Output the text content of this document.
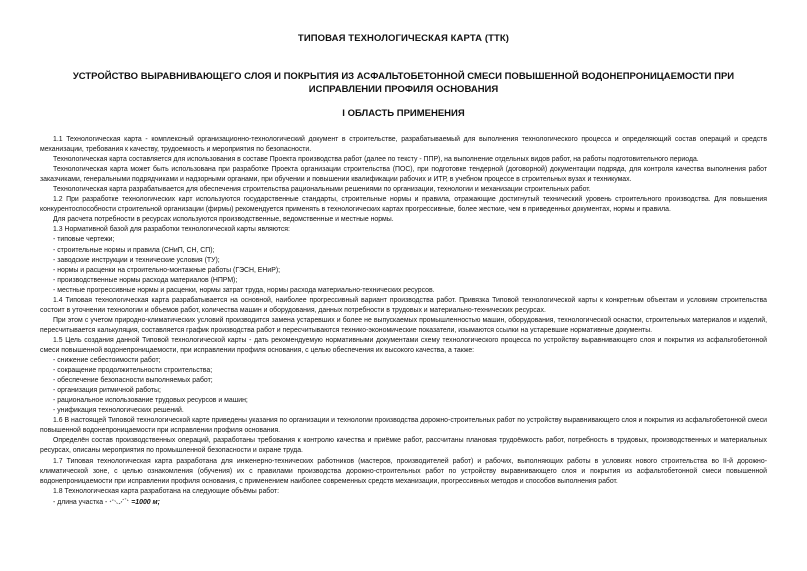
ТИПОВАЯ ТЕХНОЛОГИЧЕСКАЯ КАРТА (ТТК)
УСТРОЙСТВО ВЫРАВНИВАЮЩЕГО СЛОЯ И ПОКРЫТИЯ ИЗ АСФАЛЬТОБЕТОННОЙ СМЕСИ ПОВЫШЕННОЙ ВОДОНЕПРОНИЦАЕМОСТИ ПРИ ИСПРАВЛЕНИИ ПРОФИЛЯ ОСНОВАНИЯ
I ОБЛАСТЬ ПРИМЕНЕНИЯ

1.1 Технологическая карта - комплексный организационно-технологический документ в строительстве, разрабатываемый для выполнения технологического процесса и определяющий состав операций и средств механизации, требования к качеству, трудоемкость и мероприятия по безопасности.

Технологическая карта составляется для использования в составе Проекта производства работ (далее по тексту - ППР), на выполнение отдельных видов работ, на работы подготовительного периода.

Технологическая карта может быть использована при разработке Проекта организации строительства (ПОС), при подготовке тендерной (договорной) документации подряда, для контроля качества выполнения работ заказчиками, генеральными подрядчиками и надзорными органами, при обучении и повышении квалификации рабочих и ИТР, в учебном процессе в строительных вузах и техникумах.

Технологическая карта разрабатывается для обеспечения строительства рациональными решениями по организации, технологии и механизации строительных работ.

1.2 При разработке технологических карт используются государственные стандарты, строительные нормы и правила, отражающие достигнутый технический уровень строительного производства. Для повышения конкурентоспособности строительной организации (фирмы) рекомендуется применять в технологических картах прогрессивные, более жесткие, чем в приведенных документах, нормы и правила.

Для расчета потребности в ресурсах используются производственные, ведомственные и местные нормы.

1.3 Нормативной базой для разработки технологической карты являются:

- типовые чертежи;

- строительные нормы и правила (СНиП, СН, СП);

- заводские инструкции и технические условия (ТУ);

- нормы и расценки на строительно-монтажные работы (ГЭСН, ЕНиР);

- производственные нормы расхода материалов (НПРМ);

- местные прогрессивные нормы и расценки, нормы затрат труда, нормы расхода материально-технических ресурсов.

1.4 Типовая технологическая карта разрабатывается на основной, наиболее прогрессивный вариант производства работ. Привязка Типовой технологической карты к конкретным объектам и условиям строительства состоит в уточнении технологии и объемов работ, количества машин и оборудования, данных потребности в трудовых и материально-технических ресурсах.

При этом с учетом природно-климатических условий производится замена устаревших и более не выпускаемых промышленностью машин, оборудования, технологической оснастки, строительных материалов и изделий, пересчитывается калькуляция, составляется график производства работ и пересчитываются технико-экономические показатели, изымаются ссылки на устаревшие нормативные документы.

1.5 Цель создания данной Типовой технологической карты - дать рекомендуемую нормативными документами схему технологического процесса по устройству выравнивающего слоя и покрытия из асфальтобетонной смеси повышенной водонепроницаемости, при исправлении профиля основания, с целью обеспечения их высокого качества, а также:

- снижение себестоимости работ;

- сокращение продолжительности строительства;

- обеспечение безопасности выполняемых работ;

- организация ритмичной работы;

- рациональное использование трудовых ресурсов и машин;

- унификация технологических решений.

1.6 В настоящей Типовой технологической карте приведены указания по организации и технологии производства дорожно-строительных работ по устройству выравнивающего слоя и покрытия из асфальтобетонной смеси повышенной водонепроницаемости при исправлении профиля основания.

Определён состав производственных операций, разработаны требования к контролю качества и приёмке работ, рассчитаны плановая трудоёмкость работ, потребность в трудовых, производственных и материальных ресурсах, описаны мероприятия по промышленной безопасности и охране труда.

1.7 Типовая технологическая карта разработана для инженерно-технических работников (мастеров, производителей работ) и рабочих, выполняющих работы в условиях нового строительства во II-й дорожно-климатической зоне, с целью ознакомления (обучения) их с правилами производства дорожно-строительных работ по устройству выравнивающего слоя и покрытия из асфальтобетонной смеси повышенной водонепроницаемости при исправлении профиля основания, с применением наиболее современных средств механизации, прогрессивных методов и способов выполнения работ.

1.8 Технологическая карта разработана на следующие объёмы работ:

- длина участка -	=1000 м;
